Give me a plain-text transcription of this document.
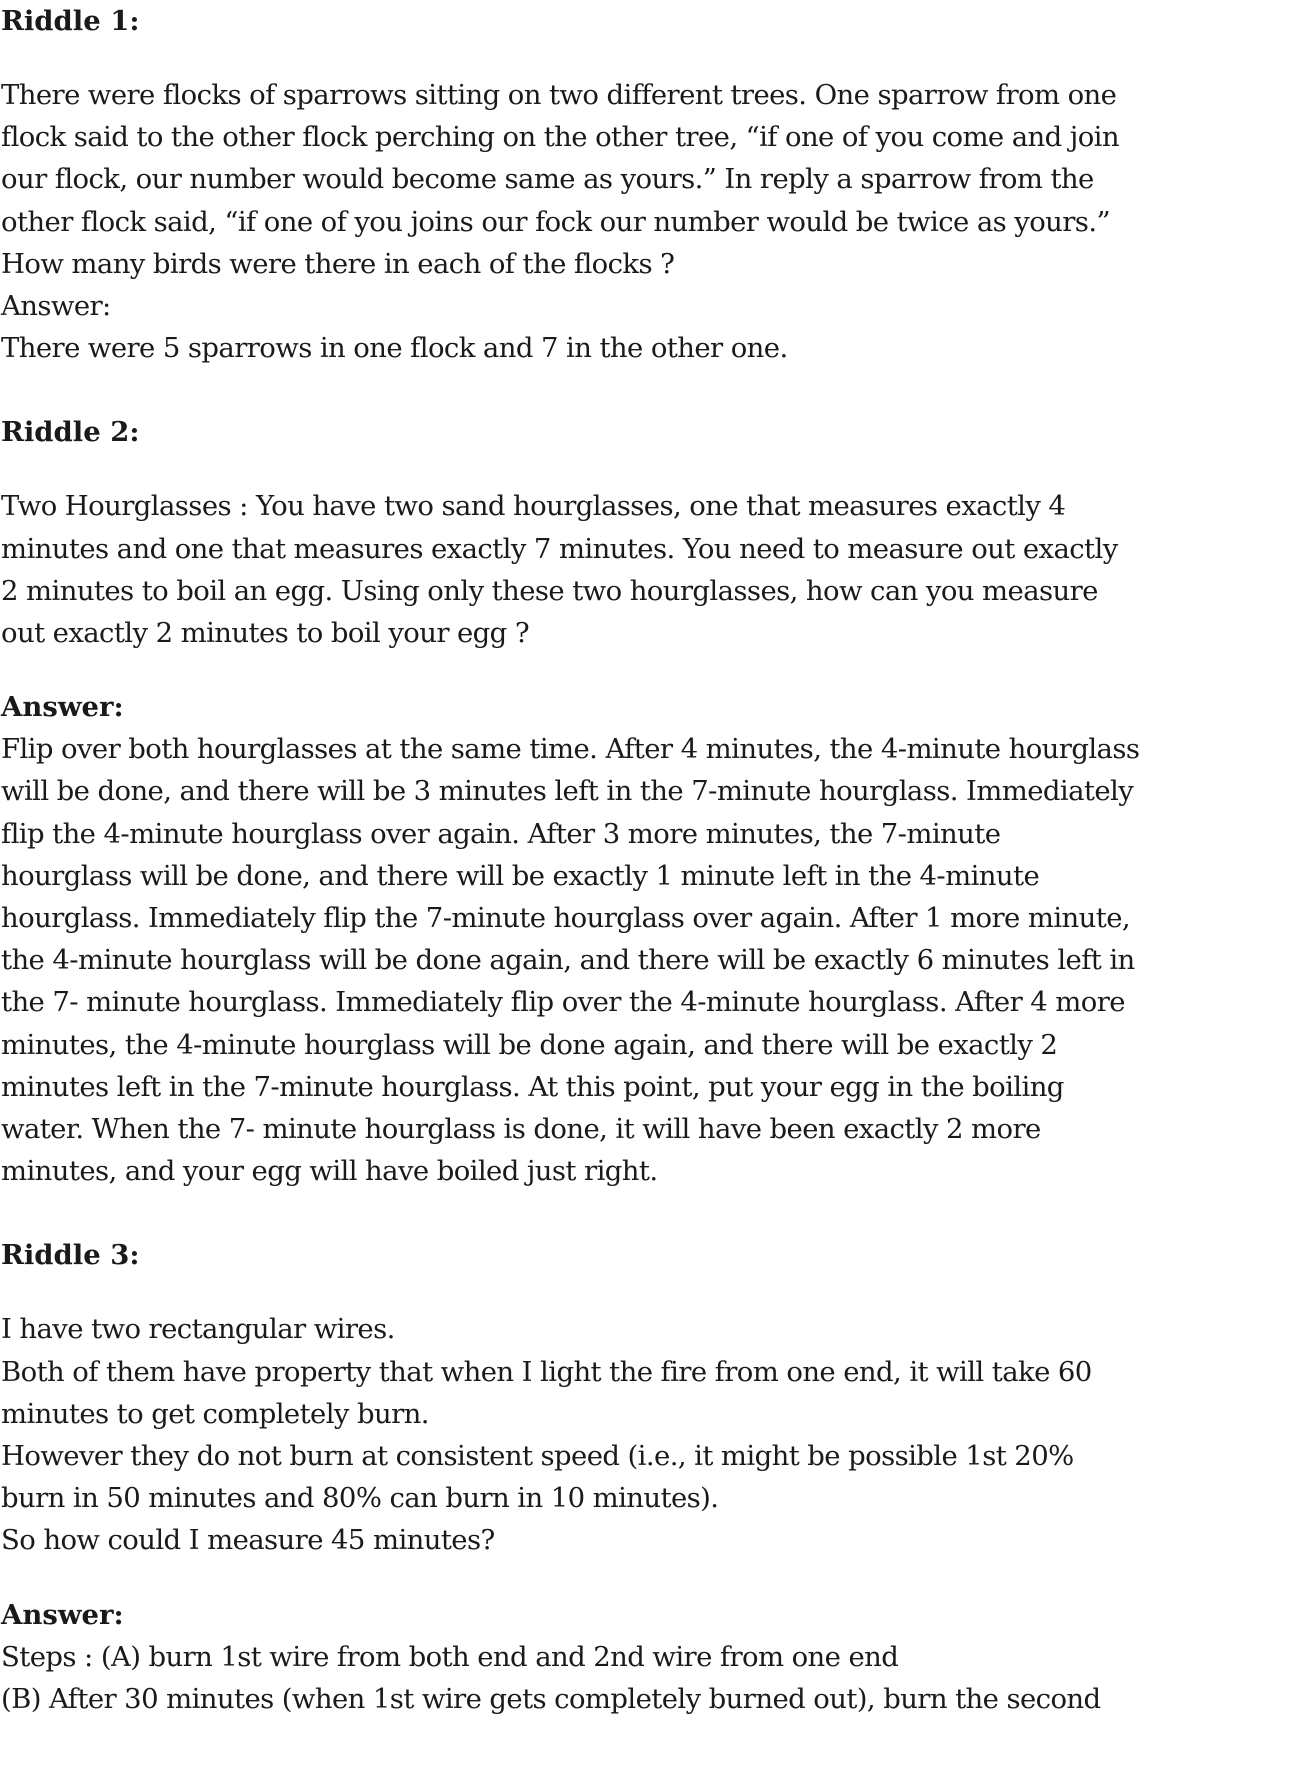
Riddle 1:

There were flocks of sparrows sitting on two different trees. One sparrow from one

flock said to the other flock perching on the other tree, “if one of you come and join

our flock, our number would become same as yours.” In reply a sparrow from the

other flock said, “if one of you joins our fock our number would be twice as yours.”

How many birds were there in each of the flocks ?

Answer:

There were 5 sparrows in one flock and 7 in the other one.

Riddle 2:

Two Hourglasses : You have two sand hourglasses, one that measures exactly 4

minutes and one that measures exactly 7 minutes. You need to measure out exactly

2 minutes to boil an egg. Using only these two hourglasses, how can you measure

out exactly 2 minutes to boil your egg ?

Answer:

Flip over both hourglasses at the same time. After 4 minutes, the 4-minute hourglass

will be done, and there will be 3 minutes left in the 7-minute hourglass. Immediately

flip the 4-minute hourglass over again. After 3 more minutes, the 7-minute

hourglass will be done, and there will be exactly 1 minute left in the 4-minute

hourglass. Immediately flip the 7-minute hourglass over again. After 1 more minute,

the 4-minute hourglass will be done again, and there will be exactly 6 minutes left in

the 7- minute hourglass. Immediately flip over the 4-minute hourglass. After 4 more

minutes, the 4-minute hourglass will be done again, and there will be exactly 2

minutes left in the 7-minute hourglass. At this point, put your egg in the boiling

water. When the 7- minute hourglass is done, it will have been exactly 2 more

minutes, and your egg will have boiled just right.

Riddle 3:

I have two rectangular wires.

Both of them have property that when I light the fire from one end, it will take 60

minutes to get completely burn.

However they do not burn at consistent speed (i.e., it might be possible 1st 20%

burn in 50 minutes and 80% can burn in 10 minutes).

So how could I measure 45 minutes?

Answer:

Steps : (A) burn 1st wire from both end and 2nd wire from one end

(B) After 30 minutes (when 1st wire gets completely burned out), burn the second
